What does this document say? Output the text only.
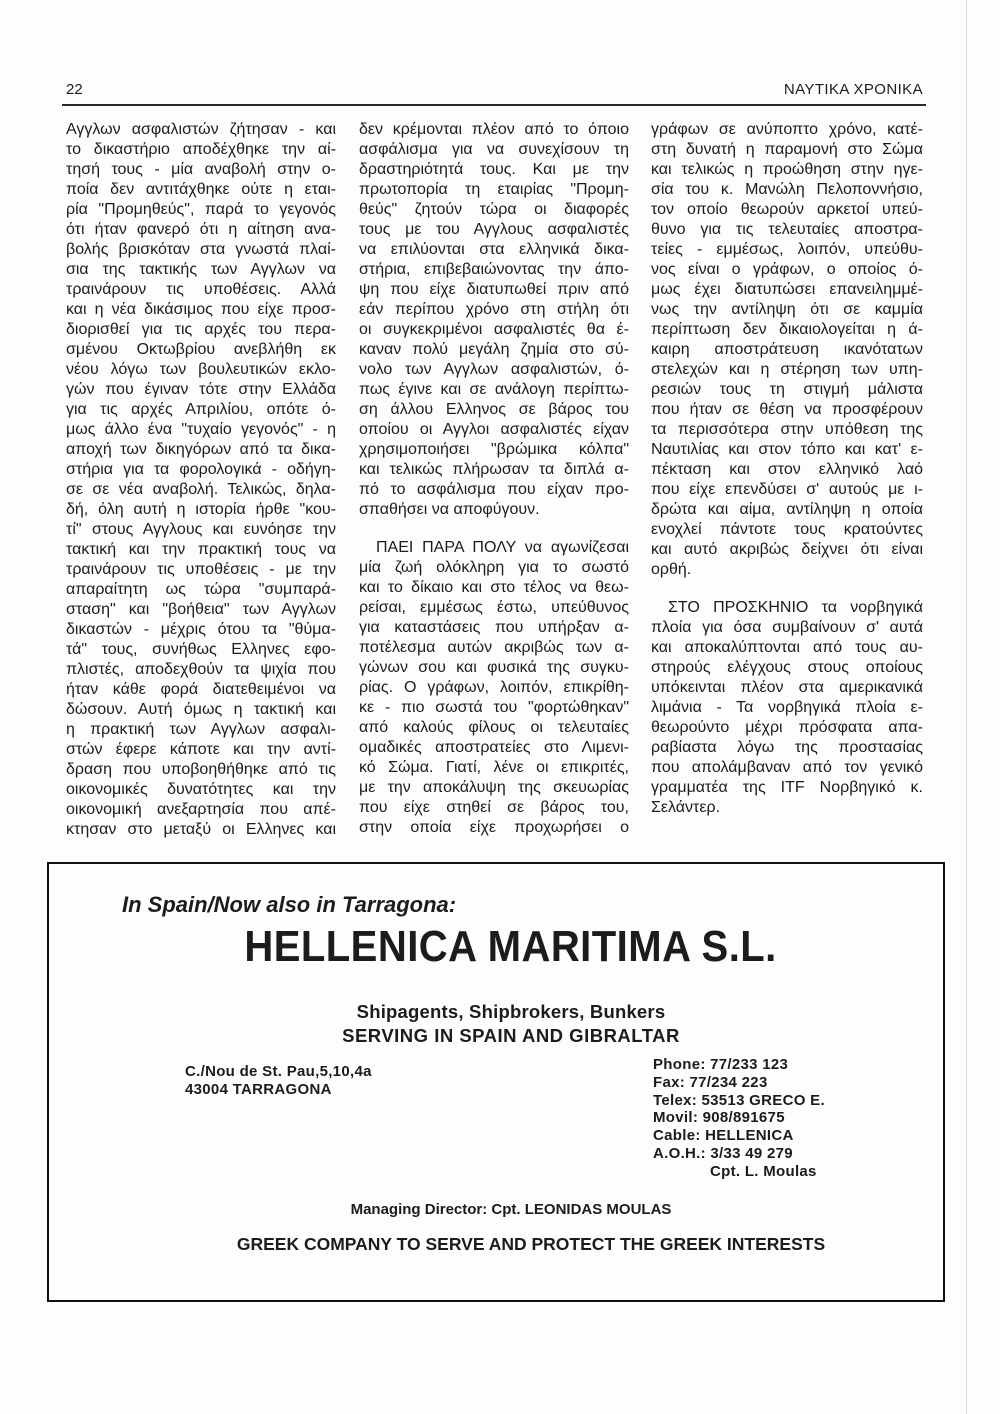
22	ΝΑΥΤΙΚΑ ΧΡΟΝΙΚΑ
Αγγλων ασφαλιστών ζήτησαν - και
το δικαστήριο αποδέχθηκε την αί-
τησή τους - μία αναβολή στην ο-
ποία δεν αντιτάχθηκε ούτε η εται-
ρία "Προμηθεύς", παρά το γεγονός
ότι ήταν φανερό ότι η αίτηση ανα-
βολής βρισκόταν στα γνωστά πλαί-
σια της τακτικής των Αγγλων να
τραινάρουν τις υποθέσεις. Αλλά
και η νέα δικάσιμος που είχε προσ-
διορισθεί για τις αρχές του περα-
σμένου Οκτωβρίου ανεβλήθη εκ
νέου λόγω των βουλευτικών εκλο-
γών που έγιναν τότε στην Ελλάδα
για τις αρχές Απριλίου, οπότε ό-
μως άλλο ένα "τυχαίο γεγονός" - η
αποχή των δικηγόρων από τα δικα-
στήρια για τα φορολογικά - οδήγη-
σε σε νέα αναβολή. Τελικώς, δηλα-
δή, όλη αυτή η ιστορία ήρθε "κου-
τί" στους Αγγλους και ευνόησε την
τακτική και την πρακτική τους να
τραινάρουν τις υποθέσεις - με την
απαραίτητη ως τώρα "συμπαρά-
σταση" και "βοήθεια" των Αγγλων
δικαστών - μέχρις ότου τα "θύμα-
τά" τους, συνήθως Ελληνες εφο-
πλιστές, αποδεχθούν τα ψιχία που
ήταν κάθε φορά διατεθειμένοι να
δώσουν. Αυτή όμως η τακτική και
η πρακτική των Αγγλων ασφαλι-
στών έφερε κάποτε και την αντί-
δραση που υποβοηθήθηκε από τις
οικονομικές δυνατότητες και την
οικονομική ανεξαρτησία που απέ-
κτησαν στο μεταξύ οι Ελληνες και
δεν κρέμονται πλέον από το όποιο
ασφάλισμα για να συνεχίσουν τη
δραστηριότητά τους. Και με την
πρωτοπορία τη εταιρίας "Προμη-
θεύς" ζητούν τώρα οι διαφορές
τους με του Αγγλους ασφαλιστές
να επιλύονται στα ελληνικά δικα-
στήρια, επιβεβαιώνοντας την άπο-
ψη που είχε διατυπωθεί πριν από
εάν περίπου χρόνο στη στήλη ότι
οι συγκεκριμένοι ασφαλιστές θα έ-
καναν πολύ μεγάλη ζημία στο σύ-
νολο των Αγγλων ασφαλιστών, ό-
πως έγινε και σε ανάλογη περίπτω-
ση άλλου Ελληνος σε βάρος του
οποίου οι Αγγλοι ασφαλιστές είχαν
χρησιμοποιήσει "βρώμικα κόλπα"
και τελικώς πλήρωσαν τα διπλά α-
πό το ασφάλισμα που είχαν προ-
σπαθήσει να αποφύγουν.
ΠΑΕΙ ΠΑΡΑ ΠΟΛΥ να αγωνίζεσαι
μία ζωή ολόκληρη για το σωστό
και το δίκαιο και στο τέλος να θεω-
ρείσαι, εμμέσως έστω, υπεύθυνος
για καταστάσεις που υπήρξαν α-
ποτέλεσμα αυτών ακριβώς των α-
γώνων σου και φυσικά της συγκυ-
ρίας. Ο γράφων, λοιπόν, επικρίθη-
κε - πιο σωστά του "φορτώθηκαν"
από καλούς φίλους οι τελευταίες
ομαδικές αποστρατείες στο Λιμενι-
κό Σώμα. Γιατί, λένε οι επικριτές,
με την αποκάλυψη της σκευωρίας
που είχε στηθεί σε βάρος του,
στην οποία είχε προχωρήσει ο
γράφων σε ανύποπτο χρόνο, κατέ-
στη δυνατή η παραμονή στο Σώμα
και τελικώς η προώθηση στην ηγε-
σία του κ. Μανώλη Πελοποννήσιο,
τον οποίο θεωρούν αρκετοί υπεύ-
θυνο για τις τελευταίες αποστρα-
τείες - εμμέσως, λοιπόν, υπεύθυ-
νος είναι ο γράφων, ο οποίος ό-
μως έχει διατυπώσει επανειλημμέ-
νως την αντίληψη ότι σε καμμία
περίπτωση δεν δικαιολογείται η ά-
καιρη αποστράτευση ικανότατων
στελεχών και η στέρηση των υπη-
ρεσιών τους τη στιγμή μάλιστα
που ήταν σε θέση να προσφέρουν
τα περισσότερα στην υπόθεση της
Ναυτιλίας και στον τόπο και κατ' ε-
πέκταση και στον ελληνικό λαό
που είχε επενδύσει σ' αυτούς με ι-
δρώτα και αίμα, αντίληψη η οποία
ενοχλεί πάντοτε τους κρατούντες
και αυτό ακριβώς δείχνει ότι είναι
ορθή.
ΣΤΟ ΠΡΟΣΚΗΝΙΟ τα νορβηγικά
πλοία για όσα συμβαίνουν σ' αυτά
και αποκαλύπτονται από τους αυ-
στηρούς ελέγχους στους οποίους
υπόκεινται πλέον στα αμερικανικά
λιμάνια - Τα νορβηγικά πλοία ε-
θεωρούντο μέχρι πρόσφατα απα-
ραβίαστα λόγω της προστασίας
που απολάμβαναν από τον γενικό
γραμματέα της ITF Νορβηγικό κ.
Σελάντερ.
In Spain/Now also in Tarragona:
HELLENICA MARITIMA S.L.
Shipagents, Shipbrokers, Bunkers
SERVING IN SPAIN AND GIBRALTAR
C./Nou de St. Pau,5,10,4a
43004 TARRAGONA
Phone: 77/233 123
Fax: 77/234 223
Telex: 53513 GRECO E.
Movil: 908/891675
Cable: HELLENICA
A.O.H.: 3/33 49 279
Cpt. L. Moulas
Managing Director: Cpt. LEONIDAS MOULAS
GREEK COMPANY TO SERVE AND PROTECT THE GREEK INTERESTS
